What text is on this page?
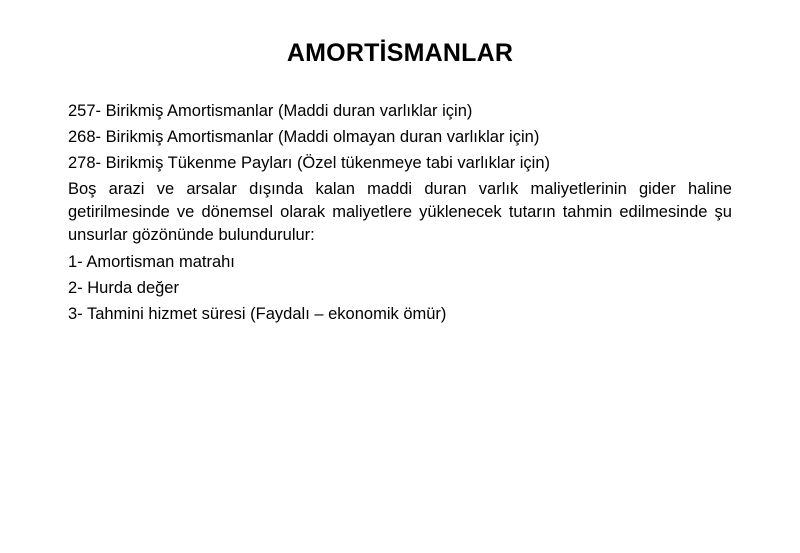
AMORTİSMANLAR

257- Birikmiş Amortismanlar (Maddi duran varlıklar için)

268- Birikmiş Amortismanlar (Maddi olmayan duran varlıklar için)

278- Birikmiş Tükenme Payları (Özel tükenmeye tabi varlıklar için)

Boş arazi ve arsalar dışında kalan maddi duran varlık maliyetlerinin gider haline getirilmesinde ve dönemsel olarak maliyetlere yüklenecek tutarın tahmin edilmesinde şu unsurlar gözönünde bulundurulur:

1- Amortisman matrahı

2- Hurda değer

3- Tahmini hizmet süresi (Faydalı – ekonomik ömür)
